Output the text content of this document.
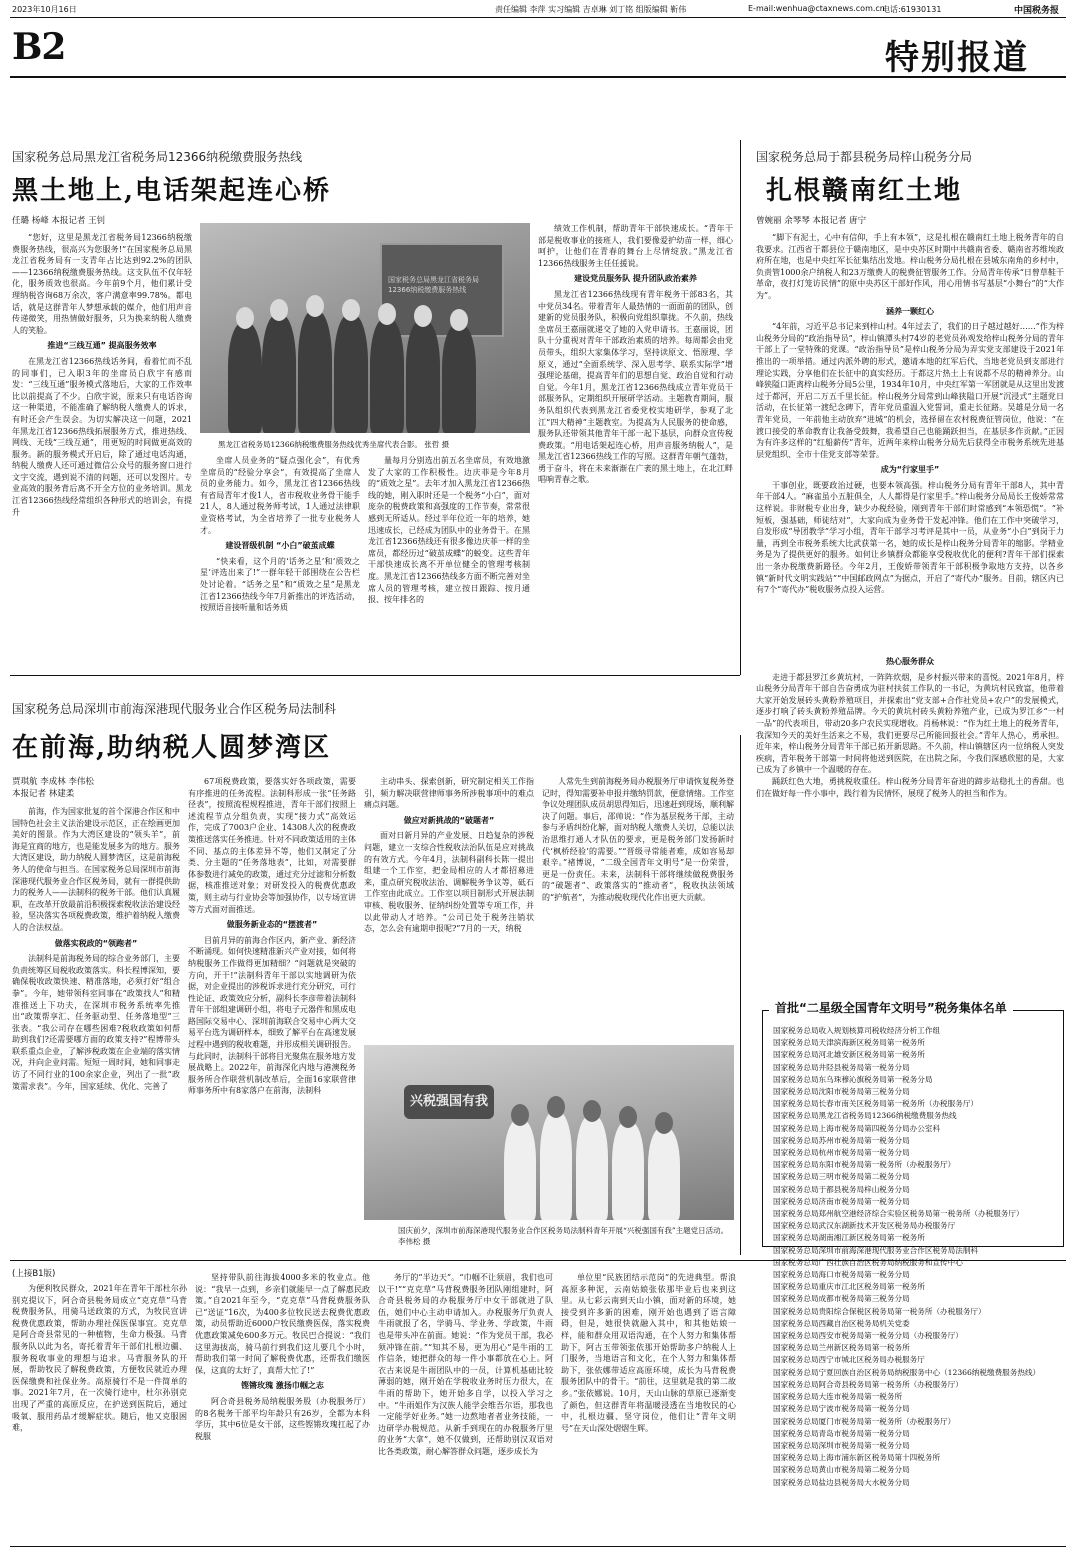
2023年10月16日	责任编辑 李萍 实习编辑 吉卓琳 刘丁铭 组版编辑 靳伟	E-mail:wenhua@ctaxnews.com.cn
电话:61930131	中国税务报
B2	特别报道
国家税务总局黑龙江省税务局12366纳税缴费服务热线
黑土地上,电话架起连心桥
任璐 杨峰 本报记者 王钊

“您好，这里是黑龙江省税务局12366纳税缴费服务热线，很高兴为您服务!”在国家税务总局黑龙江省税务局有一支青年占比达到92.2%的团队——12366纳税缴费服务热线。这支队伍不仅年轻化，服务质效也很高。今年前9个月，他们累计受理纳税咨询68万余次，客户满意率99.78%。都电话，就是这群青年人梦想承载的媒介，他们用声音传递微笑，用热情做好服务，只为换来纳税人缴费人的笑脸。

推进“三线互通” 提高服务效率

在黑龙江省12366热线话务间，看着忙而不乱的同事们，已入职3年的坐席员白欣宇有感而发：“三线互通”服务模式落地后，大家的工作效率比以前提高了不少。白欣宇说，原来只有电话咨询这一种渠道，不能准确了解纳税人缴费人的诉求，有时还会产生误会。为切实解决这一问题，2021年黑龙江省12366热线拓展服务方式，推进热线、网线、无线“三线互通”，用更短的时间做更高效的服务。新的服务模式开启后，除了通过电话沟通，纳税人缴费人还可通过微信公众号的服务窗口进行文字交流，遇到说不清的问题，还可以发图片。专业高效的服务背后离不开全方位的业务培训。黑龙江省12366热线经常组织各种形式的培训会，有提升

国家税务总局黑龙江省税务局 12366纳税缴费服务热线
黑龙江省税务局12366纳税缴费服务热线优秀坐席代表合影。 张哲 摄

坐席人员业务的“疑点强化会”，有优秀坐席员的“经验分享会”，有效提高了坐席人员的业务能力。如今，黑龙江省12366热线有省局青年才俊1人，省市税收业务骨干能手21人，8人通过税务师考试，1人通过法律职业资格考试，为全省培养了一批专业税务人才。

建设晋级机制 “小白”破茧成蝶

“快来看，这个月的‘话务之星’和‘质效之星’评选出来了!”一群年轻干部围绕在公告栏处讨论着。“话务之星”和“质效之星”是黑龙江省12366热线今年7月新推出的评选活动，按照语音接听量和话务质

量每月分别选出前五名坐席员，有效地激发了大家的工作积极性。边庆菲是今年8月的“质效之星”。去年才加入黑龙江省12366热线的她，刚入职时还是一个税务“小白”，面对庞杂的税费政策和高强度的工作节奏，常常很感到无所适从。经过半年位近一年的培养，她迅速成长，已经成为团队中的业务骨干。在黑龙江省12366热线还有很多像边庆菲一样的坐席员，都经历过“破茧成蝶”的蜕变。这些青年干部快速成长离不开单位健全的管理考核制度。黑龙江省12366热线多方面不断完善对坐席人员的管理考核，建立按日跟踪、按月通报、按年排名的

绩效工作机制，帮助青年干部快速成长。“青年干部是税收事业的接班人，我们要像爱护幼苗一样，细心呵护，让他们在青春的舞台上尽情绽放。”黑龙江省12366热线服务主任任援说。

建设党员服务队 提升团队政治素养

黑龙江省12366热线现有青年税务干部83名，其中党员34名。带着青年人最热情的一面面前的团队，创建新的党员服务队，积极向党组织靠拢。不久前，热线坐席员王嘉丽就递交了她的入党申请书。王嘉丽说，团队十分重视对青年干部政治素质的培养。每周都会由党员带头，组织大家集体学习，坚持读原文、悟原理、学原义，通过“全面系统学、深入思考学、联系实际学”增强理论基础，提高青年们的思想自觉、政治自觉和行动自觉。今年1月，黑龙江省12366热线成立青年党员干部服务队，定期组织开展研学活动。主题教育期间，服务队组织代表到黑龙江省委党校实地研学，参观了北江“四大精神”主题教室。为提高为人民服务的使命感，服务队还带领其他青年干部一起下基层，向群众宣传税费政策。“用电话架起连心桥，用声音服务纳税人”，是黑龙江省12366热线工作的写照。这群青年朝气蓬勃，勇于奋斗，将在未来渐渐在广袤的黑土地上，在北江畔唱响青春之歌。

国家税务总局于都县税务局梓山税务分局
扎根赣南红土地
曾婉丽 余琴琴 本报记者 唐宁

“脚下有泥土，心中有信仰，手上有本领”，这是扎根在赣南红土地上税务青年的自我要求。江西省于都县位于赣南地区，是中央苏区时期中共赣南省委、赣南省苏维埃政府所在地，也是中央红军长征集结出发地。梓山税务分局扎根在县城东南角的乡村中，负责管1000余户纳税人和23万缴费人的税费征管服务工作。分局青年传承“日曾草鞋干革命，夜打灯笼访民情”的原中央苏区干部好作风，用心用情书写基层“小舞台”的“大作为”。

涵养一颗红心

“4年前，习近平总书记来到梓山村。4年过去了，我们的日子越过越好……”作为梓山税务分局的“政治指导员”，梓山镇潭头村74岁的老党员孙观发给梓山税务分局的青年干部上了一堂特殊的党课。“政治指导员”是梓山税务分局为弄实党支部建设于2021年推出的一项举措。通过内派外聘的形式，邀请本地的红军后代、当地老党员到支部进行理论实践，分享他们在长征中的真实经历。于都这片热土上有说都不尽的精神养分。山峰狭隘口距离梓山税务分局5公里，1934年10月，中央红军第一军团就是从这里出发渡过于都河，开启二万五千里长征。梓山税务分局常到山峰狭隘口开展“沉浸式”主题党日活动，在长征第一渡纪念碑下，青年党员重温入党誓词，重走长征路。吴雄是分局一名青年党员，一年前他主动放弃“进城”的机会，选择留在农村税费征管岗位，他说：“在渡口接受的革命教育让我备受鼓舞，我希望自己也能踊跃担当，在基层多作贡献。”正因为有许多这样的“红船薪传”青年，近两年来梓山税务分局先后获得全市税务系统先进基层党组织、全市十佳党支部等荣誉。

成为“行家里手”

干事创业，既要政治过硬，也要本领高强。梓山税务分局有青年干部8人，其中青年干部4人。“麻雀虽小五脏俱全，人人都得是行家里手。”梓山税务分局局长王俊娇常常这样说。非财税专业出身，缺少办税经验，刚到青年干部们时常感到“本领恐慌”。“补短板，强基础，师徒结对”，大家向成为业务骨干发起冲锋。他们在工作中突破学习，自发形成“导团教学”学习小组，青年干部学习考评是其中一员，从业务“小白”到岗于力量，再到全市税务系统大比武获第一名，她的成长是梓山税务分局青年的缩影。学精业务是为了提供更好的服务。如何让乡镇群众都能享受税收优化的便利?青年干部们探索出一条办税缴费新路径。今年2月，王俊娇带领青年干部积极争取地方支持，以各乡镇“新时代文明实践站”“中国邮政网点”为据点，开启了“寄代办”服务。目前，辖区内已有7个“寄代办”税收服务点投入运营。

热心服务群众

走进于都县罗江乡黄坑村，一阵阵炊烟，是乡村振兴带来的喜悦。2021年8月，梓山税务分局青年干部自告奋勇成为驻村扶贫工作队的一书记，为黄坑村民致富，他带着大家开始发展砖头黄粉养殖项目，并探索出“党支部+合作社党员+农户”的发展模式，逐步打响了砖头黄粉养殖品牌。今天的黄坑村砖头黄粉养殖产业，已成为罗江乡“一村一品”的代表项目，带动20多户农民实现增收。肖杨林说：“作为红土地上的税务青年，我深知今天的美好生活来之不易，我们更要尽己所能回报社会。”青年人热心，勇承担。近年来，梓山税务分局青年干部已拓开新思路。不久前，梓山镇辖区内一位纳税人突发疾病，青年税务干部第一时间将他送到医院，在出院之际，今我们深感欣慰的是，大家已成为了乡镇中一个温暖的存在。

踊跃红色大地，勇挑税收重任。梓山税务分局青年奋进的蹄步站稳扎土的香甜。也们在做好每一件小事中，践行着为民情怀，展现了税务人的担当和作为。

首批“二星级全国青年文明号”税务集体名单
国家税务总局收入规划核算司税收经济分析工作组
国家税务总局天津滨海新区税务局第一税务所
国家税务总局河北雄安新区税务局第一税务所
国家税务总局井陉县税务局第一税务分局
国家税务总局东乌珠穆沁旗税务局第一税务分局
国家税务总局沈阳市税务局第三税务分局
国家税务总局长春市南关区税务局第一税务所（办税服务厅）
国家税务总局黑龙江省税务局12366纳税缴费服务热线
国家税务总局上海市税务局第四税务分局办公室科
国家税务总局苏州市税务局第一税务分局
国家税务总局杭州市税务局第一税务分局
国家税务总局东阳市税务局第一税务所（办税服务厅）
国家税务总局三明市税务局第二税务分局
国家税务总局于都县税务局梓山税务分局
国家税务总局济南市税务局第一税务分局
国家税务总局郑州航空港经济综合实验区税务局第一税务所（办税服务厅）
国家税务总局武汉东湖新技术开发区税务局办税服务厅
国家税务总局湖南湘江新区税务局第一税务所
国家税务总局深圳市前海深港现代服务业合作区税务局法制科
国家税务总局广西壮族自治区税务局纳税服务和宣传中心
国家税务总局海口市税务局第一税务分局
国家税务总局重庆市江北区税务局第一税务所
国家税务总局成都市税务局第三税务分局
国家税务总局贵阳综合保税区税务局第一税务所（办税服务厅）
国家税务总局西藏自治区税务局机关党委
国家税务总局西安市税务局第一税务分局（办税服务厅）
国家税务总局兰州新区税务局第一税务所
国家税务总局西宁市城北区税务局办税服务厅
国家税务总局宁夏回族自治区税务局纳税服务中心（12366纳税缴费服务热线）
国家税务总局阿合奇县税务局第一税务所（办税服务厅）
国家税务总局大连市税务局第一税务所
国家税务总局宁波市税务局第一税务分局
国家税务总局厦门市税务局第一税务所（办税服务厅）
国家税务总局青岛市税务局第一税务分局
国家税务总局深圳市税务局第一税务分局
国家税务总局上海市浦东新区税务局第十四税务所
国家税务总局黄山市税务局第二税务分局
国家税务总局盐边县税务局大水税务分局
国家税务总局深圳市前海深港现代服务业合作区税务局法制科
在前海,助纳税人圆梦湾区
贾琪航 李成林 李伟松
本报记者 林建柔

前海，作为国家批复的首个深港合作区和中国特色社会主义法治建设示范区，正在绘画更加美好的图景。作为大湾区建设的“领头羊”，前海是宜商的地方，也是能发展多为的地方。服务大湾区建设，助力纳税人圆梦湾区，这是前海税务人的使命与担当。在国家税务总局深圳市前海深港现代服务业合作区税务局，就有一群提供助力的税务人——法制科的税务干部。他们认真履职，在改革开放最前沿积极探索税收法治建设经验，坚决落实各项税费政策，维护着纳税人缴费人的合法权益。

做落实税政的“领跑者”

法制科是前海税务局的综合业务部门，主要负责统筹区局税收政策落实。科长程博深知，要确保税收政策快速、精准落地，必须打好“组合拳”。今年，她带领科室同事在“政策找人”和精准推送上下功夫，在深圳市税务系统率先推出“政策帮享汇、任务驱动型、任务落地型”三张表。“我公司存在哪些困难?税收政策如何帮助到我们?还需要哪方面的政策支持?”程博带头联系重点企业，了解涉税政策在企业端的落实情况，并向企业问需。短短一周时间，她和同事走访了不同行业的100余家企业，列出了一批“政策需求表”。今年，国家延续、优化、完善了

67项税费政策，要落实好各项政策，需要有序推进的任务流程。法制科形成一张“任务路径表”，按照流程规程推进，青年干部们按照上述流程节点分组负责，实现“接力式”高效运作，完成了7003户企业、14308人次的税费政策推送落实任务推进。针对不同政策适用的主体不同、基点的主体差异不等，他们又制定了分类、分主题的“任务落地表”，比如，对需要群体参数进行减免的政策，通过充分过滤和分析数据，核准推送对象；对研发投入的税费优惠政策，则主动与行业协会等加强协作，以专场宣讲等方式面对面推送。

做服务新业态的“摆渡者”

目前月异的前海合作区内，新产业、新经济不断涌现。如何快速精准新兴产业对接，如何将纳税服务工作做得更加精细？“问题就是突破的方向，开干!”法制科青年干部以实地调研为依据，对企业提出的涉税诉求进行充分研究，可行性论证、政策效应分析，副科长李彦带着法制科青年干部组建调研小组，将电子元器件和黑成电路国际交易中心、深圳前海联合交易中心两大交易平台选为调研样本，细致了解平台在高速发展过程中遇到的税收难题，并形成相关调研报告。与此同时，法制科干部将目光聚焦在服务地方发展战略上。2022年，前海深化内地与港澳税务服务所合作联营机制改革后，全面16家联营律师事务所中有8家落户在前海，法制科

主动串头、探索创新，研究制定相关工作指引，频力解决联营律师事务所涉税事项中的难点痛点问题。

做应对新挑战的“破题者”

面对日新月异的产业发展、日趋复杂的涉税问题，建立一支综合性税收法治队伍是应对挑战的有效方式。今年4月，法制科副科长陈一提出组建一个工作室，把金局相应的人才都招募进来，重点研究税收法治、调解税务争议等，砥石工作室由此成立。工作室以项目制形式开展法制审核、税收服务、征纳纠纷处置等专项工作，并以此带动人才培养。“公司已处于税务注销状态，怎么会有逾期申报呢?”7月的一天，纳税

人常先生到前海税务局办税服务厅申请恢复税务登记时，得知需要补申报并缴纳罚款，便意情绪。工作室争议处理团队成员胡思得知后，迅速赶到现场，顺利解决了问题。事后，邵帅说：“作为基层税务干部，主动参与矛盾纠纷化解，面对纳税人缴费人关切，总能以法治思维打通人才队伍的要求，更是税务部门发扬新时代‘枫桥经验’的需要。”“晋级寻常能者难，成如容易却艰辛。”褚博说，“二级全国青年文明号”是一份荣誉，更是一份责任。未来，法制科干部将继续做税费服务的“破题者”、政策落实的“推动者”，税收执法领域的“护航者”，为推动税收现代化作出更大贡献。

兴税强国有我
国庆前夕，深圳市前海深港现代服务业合作区税务局法制科青年开展“兴税强国有我”主题党日活动。 李伟松 摄
(上接B1版)

为便利牧民群众，2021年在青年干部杜尔孙别克提议下，阿合奇县税务局成立“克克草”马背税费服务队，用骑马送政策的方式，为牧民宣讲税费优惠政策，帮助办理社保医保事宜。克克草是阿合奇县常见的一种植物，生命力极强。马背服务队以此为名，寄托着青年干部们扎根边疆、服务税收事业的理想与追求。马背服务队的开展，帮助牧民了解税费政策，方便牧民就近办理医保缴费和社保业务。高原骑行不是一件简单的事。2021年7月，在一次骑行途中，杜尔孙别克出现了严重的高原反应，在护送到医院后，通过吸氧、服用药品才缓解症状。随后，他又克服困难，

坚持带队前往海拔4000多米的牧业点。他说：“我早一点到，乡亲们就能早一点了解惠民政策。”自2021年至今，“克克草”马背税费服务队已“送证”16次，为400多位牧民送去税费优惠政策，动员帮助近6000户牧民缴费医保，落实税费优惠政策减免600多万元。牧民巴合提说：“我们这里海拔高，骑马前行到我们这儿要几个小时，帮助我们第一时间了解税费优惠，还帮我们缴医保，这真的太好了，真帮大忙了!”

铿锵玫瑰 激扬巾帼之志

阿合奇县税务局纳税服务股（办税服务厅）的8名税务干部平均年龄只有26岁，全都为本科学历，其中6位是女干部，这些铿锵玫瑰扛起了办税服

务厅的“半边天”。“巾帼不让须眉，我们也可以干!”“克克草”马背税费服务团队刚组建时，阿合奇县税务局的办税服务厅中女干部就进了队伍，她们中心主动申请加入。办税服务厅负责人牛雨就报了名，学骑马、学业务、学政策，牛雨也是带头冲在前面。她说：“作为党员干部，我必须冲锋在前。”“知其不易，更为用心”是牛雨的工作信条，她把群众的每一件小事都放在心上。阿衣古来说是牛雨团队中的一员，计算机基础比较薄弱的她，刚开始在学税收业务时压力很大，在牛雨的帮助下，她开始多自学，以投入学习之中。“牛雨姐作为汉族人能学会维吾尔语，那我也一定能学好业务。”她一边熬地者者业务技能，一边研学办税规范。从新手到现在的办税服务厅里的业务“大拿”，她不仅做到，还帮助别汉双语对比各类政策，耐心解答群众问题，逐步成长为

单位里“民族团结示范岗”的先进典型。帮浪高原多种泥，云南姑娘张依那毕业后也来到这里。从七彩云南到天山小镇，面对新的环境，她接受到许多新的困难，刚开始也遇到了语言障碍，但是，她很快就融入其中，和其他姑娘一样，能和群众用双语沟通，在个人努力和集体帮助下，阿古玉带领张依那开始帮助多户纳税人上门服务，当地语言和文化，在个人努力和集体帮助下，张依娜带适应高原环境，成长为马背税费服务团队中的骨干。“前往，这里就是我的第二故乡。”张依娜说。10月，天山山脉的草原已逐渐变了颜色，但这群青年将温暖浸透在当地牧民的心中，扎根边疆、坚守岗位，他们让“青年文明号”在天山深处熠熠生辉。
